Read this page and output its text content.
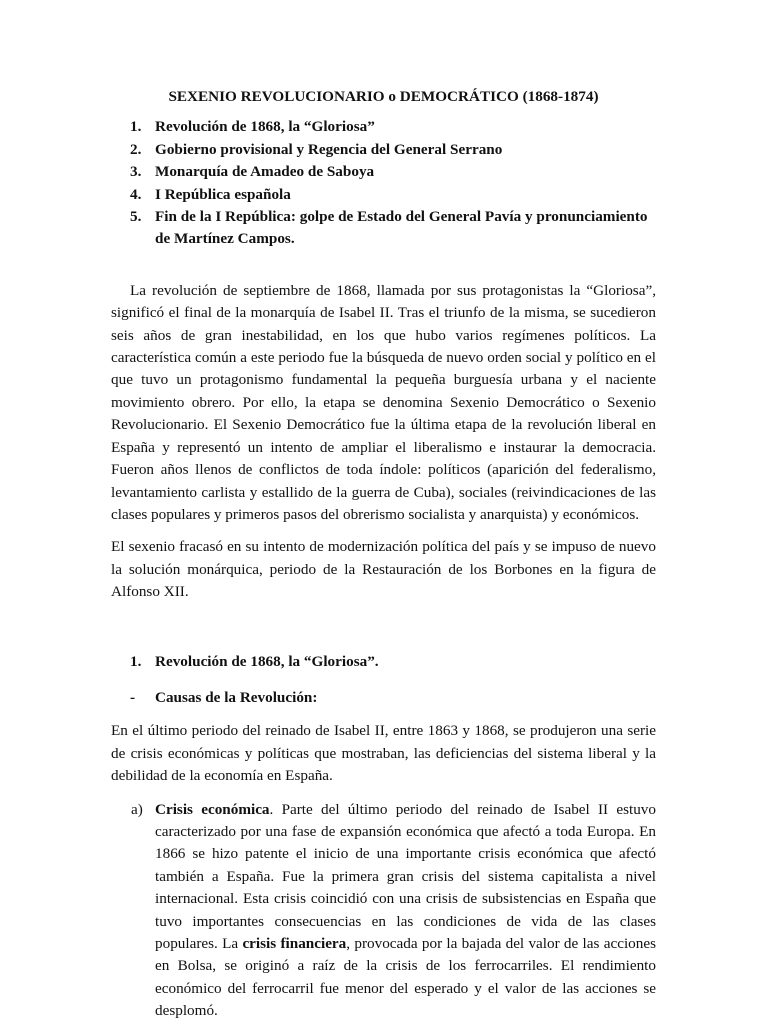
SEXENIO REVOLUCIONARIO o DEMOCRÁTICO (1868-1874)
1. Revolución de 1868, la “Gloriosa”
2. Gobierno provisional y Regencia del General Serrano
3. Monarquía de Amadeo de Saboya
4. I República española
5. Fin de la I República: golpe de Estado del General Pavía y pronunciamiento de Martínez Campos.

La revolución de septiembre de 1868, llamada por sus protagonistas la “Gloriosa”, significó el final de la monarquía de Isabel II. Tras el triunfo de la misma, se sucedieron seis años de gran inestabilidad, en los que hubo varios regímenes políticos. La característica común a este periodo fue la búsqueda de nuevo orden social y político en el que tuvo un protagonismo fundamental la pequeña burguesía urbana y el naciente movimiento obrero. Por ello, la etapa se denomina Sexenio Democrático o Sexenio Revolucionario. El Sexenio Democrático fue la última etapa de la revolución liberal en España y representó un intento de ampliar el liberalismo e instaurar la democracia. Fueron años llenos de conflictos de toda índole: políticos (aparición del federalismo, levantamiento carlista y estallido de la guerra de Cuba), sociales (reivindicaciones de las clases populares y primeros pasos del obrerismo socialista y anarquista) y económicos.

El sexenio fracasó en su intento de modernización política del país y se impuso de nuevo la solución monárquica, periodo de la Restauración de los Borbones en la figura de Alfonso XII.

1. Revolución de 1868, la “Gloriosa”.
- Causas de la Revolución:

En el último periodo del reinado de Isabel II, entre 1863 y 1868, se produjeron una serie de crisis económicas y políticas que mostraban, las deficiencias del sistema liberal y la debilidad de la economía en España.

a) Crisis económica. Parte del último periodo del reinado de Isabel II estuvo caracterizado por una fase de expansión económica que afectó a toda Europa. En 1866 se hizo patente el inicio de una importante crisis económica que afectó también a España. Fue la primera gran crisis del sistema capitalista a nivel internacional. Esta crisis coincidió con una crisis de subsistencias en España que tuvo importantes consecuencias en las condiciones de vida de las clases populares. La crisis financiera, provocada por la bajada del valor de las acciones en Bolsa, se originó a raíz de la crisis de los ferrocarriles. El rendimiento económico del ferrocarril fue menor del esperado y el valor de las acciones se desplomó.
